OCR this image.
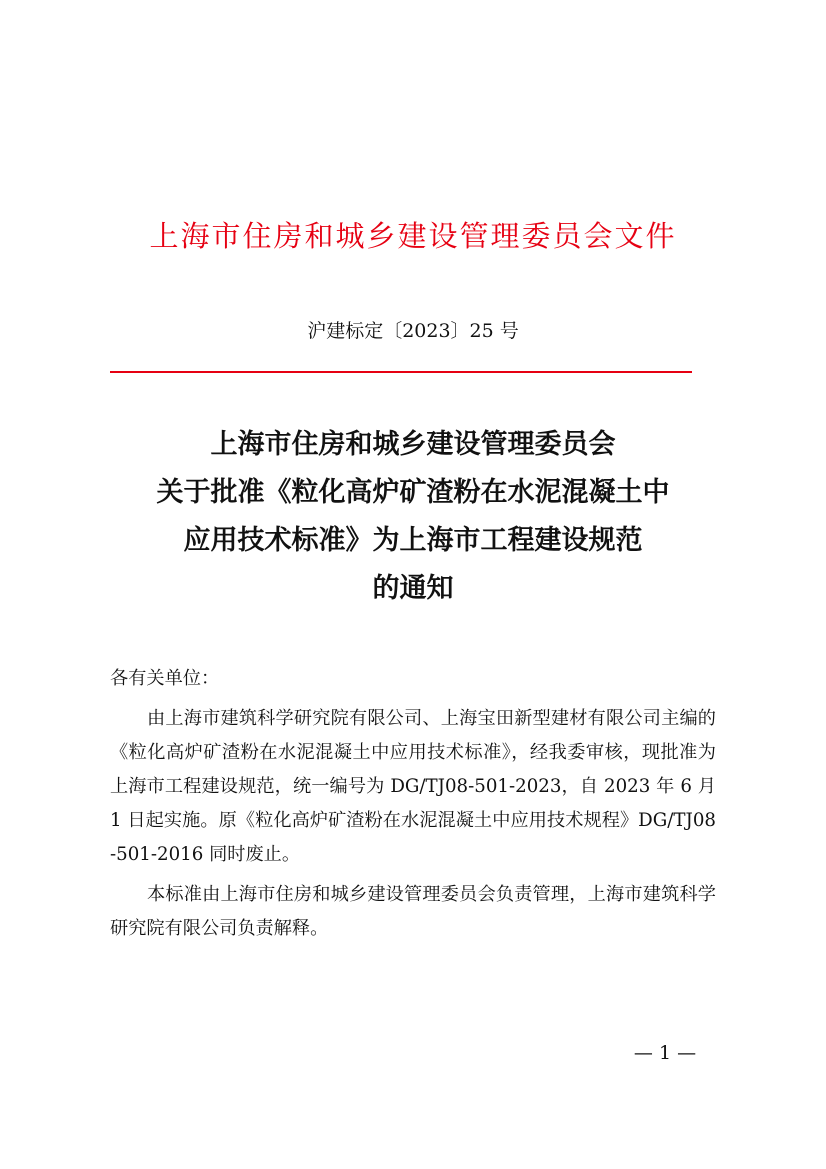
上海市住房和城乡建设管理委员会文件
沪建标定〔2023〕25 号
上海市住房和城乡建设管理委员会
关于批准《粒化高炉矿渣粉在水泥混凝土中
应用技术标准》为上海市工程建设规范
的通知
各有关单位：
由上海市建筑科学研究院有限公司、上海宝田新型建材有限公司主编的《粒化高炉矿渣粉在水泥混凝土中应用技术标准》，经我委审核，现批准为上海市工程建设规范，统一编号为 DG/TJ08-501-2023，自 2023 年 6 月 1 日起实施。原《粒化高炉矿渣粉在水泥混凝土中应用技术规程》DG/TJ08-501-2016 同时废止。
本标准由上海市住房和城乡建设管理委员会负责管理，上海市建筑科学研究院有限公司负责解释。
— 1 —
